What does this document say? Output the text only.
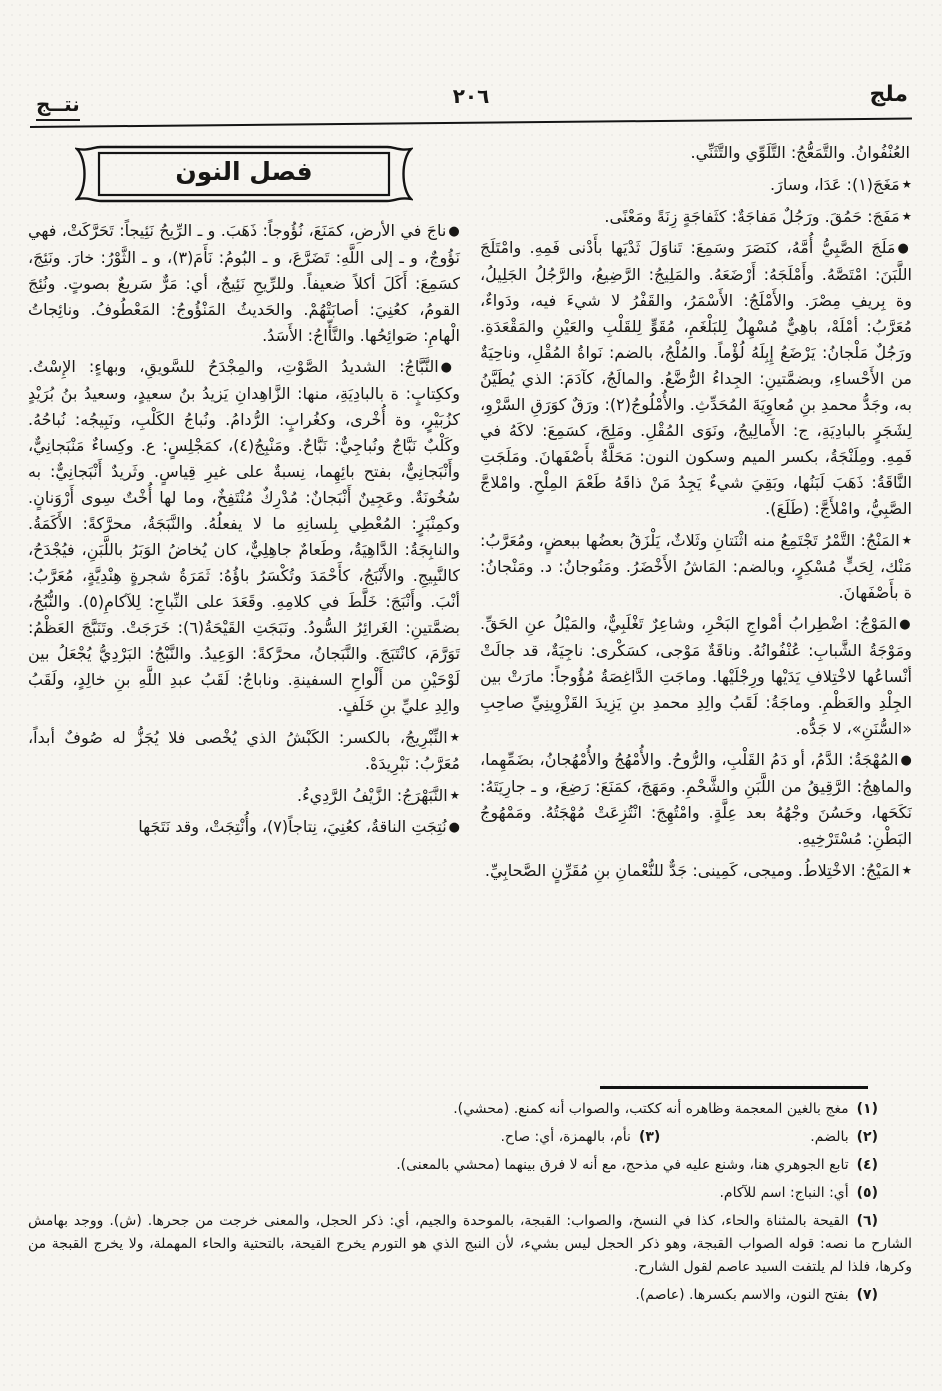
ملج
٢٠٦
نتــج

العُنْفُوانُ. والتَّمَعُّجُ: التَّلَوِّي والتَّثَنِّي.

٭مَغَجَ(١): عَدَا، وسارَ.

٭مَفَجَ: حَمُقَ. ورَجُلٌ مَفاجَةٌ: كثَفاجَةٍ زِنَةً ومَعْنًى.

●مَلَجَ الصَّبِيُّ أُمَّهُ، كنَصَرَ وسَمِعَ: تَناوَلَ ثَدْيَها بأَدْنى فَمِهِ. وامْتَلَجَ اللَّبَنَ: امْتَصَّهُ. وأَمْلَجَهُ: أَرْضَعَهُ. والمَلِيجُ: الرَّضِيعُ، والرَّجُلُ الجَلِيلُ، وة بِريفِ مِصْرَ. والأَمْلَجُ: الأَسْمَرُ، والقَفْرُ لا شيءَ فيه، ودَواءٌ، مُعَرَّبُ: أمْلَهْ، باهِيٌّ مُسْهِلٌ لِلبَلْغَمِ، مُقَوٍّ لِلقَلْبِ والعَيْنِ والمَقْعَدَةِ. ورَجُلٌ مَلْجانُ: يَرْضَعُ إِبِلَهُ لُؤْماً. والمُلْجُ، بالضم: نَواةُ المُقْلِ، وناحِيَةٌ من الأَحْساءِ، وبضمَّتينِ: الجِداءُ الرُّضَّعُ. والمالَجُ، كآدَمَ: الذي يُطَيَّنُ به، وجَدُّ محمدِ بنِ مُعاوِيَةَ المُحَدِّثِ. والأُمْلُوجُ(٢): ورَقٌ كوَرَقِ السَّرْوِ، لِشَجَرٍ بالبادِيَةِ، ج: الأَمالِيجُ، ونَوَى المُقْلِ. ومَلِجَ، كسَمِعَ: لاكَهُ في فَمِهِ. ومِلَنْجَةُ، بكسر الميم وسكون النون: مَحَلَّةٌ بأَصْفَهانَ. ومَلَجَتِ النَّاقَةُ: ذَهَبَ لَبَنُها، وبَقِيَ شيءٌ يَجِدُ مَنْ ذاقَهُ طَعْمَ المِلْحِ. وامْلاجَّ الصَّبِيُّ، وامْلأَجَّ: (طَلَعَ).

٭المَنْجُ: التَّمْرُ تَجْتَمِعُ منه اثْنَتانِ وثَلاثٌ، يَلْزَقُ بعضُها ببعضٍ، ومُعَرَّبُ: مَنْك، لِحَبٍّ مُسْكِرٍ، وبالضم: المَاشُ الأَخْضَرُ. ومَنُوجانُ: د. ومَنْجانُ: ة بأَصْفَهانَ.

●المَوْجُ: اضْطِرابُ أمْواجِ البَحْرِ، وشاعِرٌ تَغْلَبِيٌّ، والمَيْلُ عنِ الحَقِّ. ومَوْجَةُ الشَّبابِ: عُنْفُوانُهُ. وناقَةٌ مَوْجى، كسَكْرى: ناجِيَةٌ، قد جالَتْ أنْساعُها لاخْتِلافِ يَدَيْها ورِجْلَيْها. وماجَتِ الدَّاغِصَةُ مُؤُوجاً: مارَتْ بين الجِلْدِ والعَظْمِ. وماجَةُ: لَقَبُ والِدِ محمدِ بنِ يَزِيدَ القَزْوِينِيِّ صاحِبِ «السُّنَنِ»، لا جَدُّه.

●المُهْجَةُ: الدَّمُ، أو دَمُ القَلْبِ، والرُّوحُ. والأُمْهُجُ والأُمْهُجانُ، بضَمِّهِما، والماهِجُ: الرَّقِيقُ من اللَّبَنِ والشَّحْمِ. ومَهَجَ، كمَنَعَ: رَضِعَ، و ـ جارِيَتَهُ: نَكَحَها، وحَسُنَ وجْهُهُ بعد عِلَّةٍ. وامْتُهِجَ: انْتُزِعَتْ مُهْجَتُهُ. ومَمْهُوجُ البَطْنِ: مُسْتَرْخِيهِ.

٭المَيْجُ: الاخْتِلاطُ. وميجى، كَمِينى: جَدٌّ للنُّعْمانِ بنِ مُقَرِّنٍ الصَّحابِيِّ.

فصل النون

●ناجَ في الأرضِ، كمَنَعَ، نُؤُوجاً: ذَهَبَ. و ـ الرِّيحُ نَئِيجاً: تَحَرَّكَتْ، فهي نَؤُوجٌ، و ـ إلى اللَّهِ: تَضَرَّعَ، و ـ البُومُ: نَأَمَ(٣)، و ـ الثَّوْرُ: خارَ. ونَئِجَ، كسَمِعَ: أَكَلَ أكلاً ضعيفاً. وللرِّيحِ نَئِيجٌ، أي: مَرٌّ سَريعٌ بصوتٍ. ونُئِجَ القومُ، كعُنِيَ: أصابَتْهُمْ. والحَديثُ المَنْؤُوجُ: المَعْطُوفُ. ونائِجاتُ الْهامِ: صَوائِحُها. والنَّأّاجُ: الأَسَدُ.

●النَّبَّاجُ: الشديدُ الصَّوْتِ، والمِجْدَحُ للسَّويقِ، وبهاءٍ: الإِسْتُ. وككِتابٍ: ة بالبادِيَةِ، منها: الزَّاهِدانِ يَزيدُ بنُ سعيدٍ، وسعيدُ بنُ بُرَيْدٍ كزُبَيْرٍ، وة أُخْرى، وكغُرابٍ: الرُّدامُ. ونُباجُ الكَلْبِ، ونَبِيجُه: نُباحُهُ. وكَلْبٌ نَبَّاجٌ ونُباجِيٌّ: نَبَّاحٌ. ومَنْبِجُ(٤)، كمَجْلِسٍ: ع. وكِساءٌ مَنْبَجانِيٌّ، وأَنْبَجانِيٌّ، بفتح بائِهِما، نِسبةٌ على غيرِ قِياسٍ. وثَريدٌ أَنْبَجانِيٌّ: به سُخُونَةٌ. وعَجِينٌ أَنْبَجانٌ: مُدْرِكٌ مُنْتَفِخٌ، وما لها أُخْتٌ سِوى أَرْوَنانٍ. وكمِنْبَرٍ: المُعْطِي بِلسانِهِ ما لا يفعلُهُ. والنَّبَجَةُ، محرَّكةً: الأَكَمَةُ. والنابِجَةُ: الدَّاهِيَةُ، وطَعامٌ جاهِلِيٌّ، كان يُخاضُ الوَبَرُ باللَّبَنِ، فيُجْدَحُ، كالنَّبِيجِ. والأَنْبَجُ، كأَحْمَدَ وتُكْسَرُ باؤُهُ: ثَمَرَةُ شجرةٍ هِنْدِيَّةٍ، مُعَرَّبُ: أنْبَ. وأَنْبَجَ: خَلَّطَ في كلامِهِ. وقَعَدَ على النِّباجِ: لِلآكامِ(٥). والنُّبُجُ، بضمَّتينِ: الغَرائِرُ السُّودُ. ونَبَجَتِ القَيْحَةُ(٦): خَرَجَتْ. وتَنَبَّجَ العَظْمُ: تَوَرَّمَ، كانْتَبَجَ. والنَّبَجانُ، محرَّكةً: الوَعِيدُ. والنَّبْجُ: البَرْدِيُّ يُجْعَلُ بين لَوْحَيْنِ من أَلْواحِ السفينةِ. وناباجُ: لَقَبُ عبدِ اللَّهِ بنِ خالِدٍ، ولَقَبُ والِدِ عليِّ بنِ خَلَفٍ.

٭النِّبْرِيجُ، بالكسر: الكَبْشُ الذي يُخْصى فلا يُجَزُّ له صُوفٌ أبداً، مُعَرَّبُ: نَبْرِيدَهْ.

٭النَّبَهْرَجُ: الزَّيْفُ الرَّدِيءُ.

●نُتِجَتِ الناقةُ، كعُنِيَ، نِتاجاً(٧)، وأُنْتِجَتْ، وقد نَتَجَها

(١)مغج بالغين المعجمة وظاهره أنه ككتب، والصواب أنه كمنع. (محشي).
(٢)بالضم.
(٣)نأم، بالهمزة، أي: صاح.
(٤)تابع الجوهري هنا، وشنع عليه في مذحج، مع أنه لا فرق بينهما (محشي بالمعنى).
(٥)أي: النباج: اسم للآكام.
(٦)القيحة بالمثناة والحاء، كذا في النسخ، والصواب: القبجة، بالموحدة والجيم، أي: ذكر الحجل، والمعنى خرجت من جحرها. (ش). ووجد بهامش الشارح ما نصه: قوله الصواب القبجة، وهو ذكر الحجل ليس بشيء، لأن النبج الذي هو التورم يخرج القيحة، بالتحتية والحاء المهملة، ولا يخرج القبجة من وكرها، فلذا لم يلتفت السيد عاصم لقول الشارح.
(٧)بفتح النون، والاسم بكسرها. (عاصم).
